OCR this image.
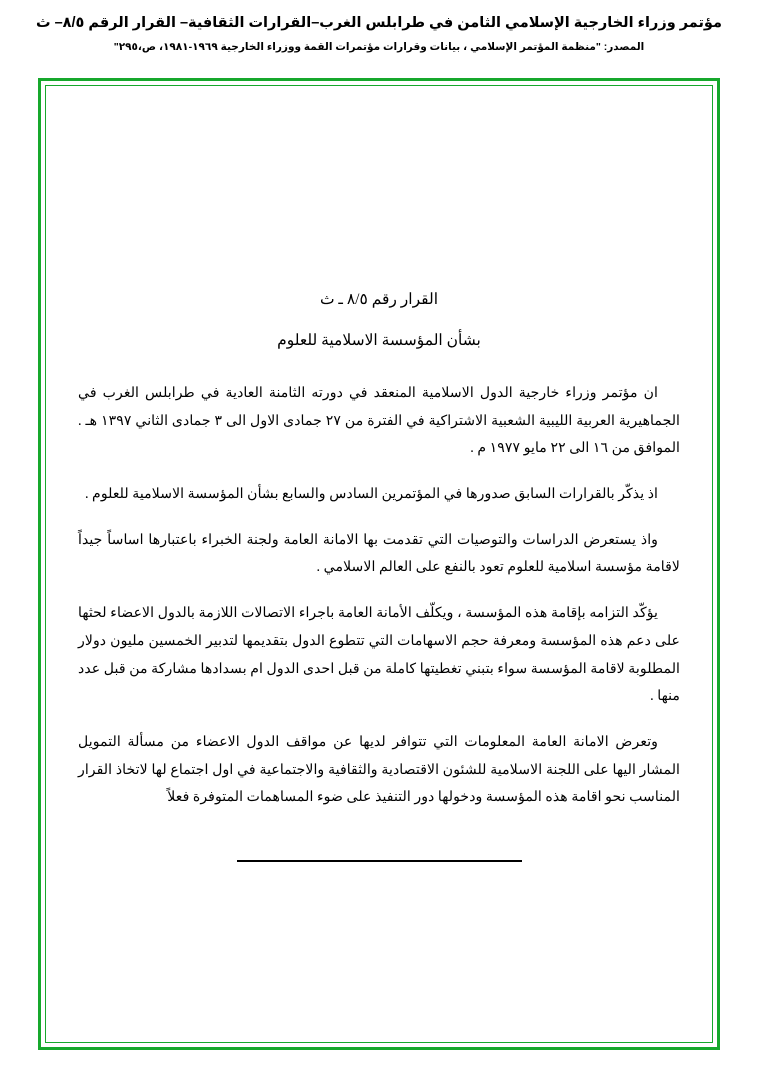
مؤتمر وزراء الخارجية الإسلامي الثامن في طرابلس الغرب–القرارات الثقافية– القرار الرقم ٨/٥– ث
المصدر: "منظمة المؤتمر الإسلامي ، بيانات وقرارات مؤتمرات القمة ووزراء الخارجية ١٩٦٩-١٩٨١، ص،٢٩٥"
القرار رقم ٨/٥ ـ ث
بشأن المؤسسة الاسلامية للعلوم

ان مؤتمر وزراء خارجية الدول الاسلامية المنعقد في دورته الثامنة العادية في طرابلس الغرب في الجماهيرية العربية الليبية الشعبية الاشتراكية في الفترة من ٢٧ جمادى الاول الى ٣ جمادى الثاني ١٣٩٧ هـ . الموافق من ١٦ الى ٢٢ مايو ١٩٧٧ م .

اذ يذكّر بالقرارات السابق صدورها في المؤتمرين السادس والسابع بشأن المؤسسة الاسلامية للعلوم .

واذ يستعرض الدراسات والتوصيات التي تقدمت بها الامانة العامة ولجنة الخبراء باعتبارها اساساً جيداً لاقامة مؤسسة اسلامية للعلوم تعود بالنفع على العالم الاسلامي .

يؤكّد التزامه بإقامة هذه المؤسسة ، ويكلّف الأمانة العامة باجراء الاتصالات اللازمة بالدول الاعضاء لحثها على دعم هذه المؤسسة ومعرفة حجم الاسهامات التي تتطوع الدول بتقديمها لتدبير الخمسين مليون دولار المطلوبة لاقامة المؤسسة سواء بتبني تغطيتها كاملة من قبل احدى الدول ام بسدادها مشاركة من قبل عدد منها .

وتعرض الامانة العامة المعلومات التي تتوافر لديها عن مواقف الدول الاعضاء من مسألة التمويل المشار اليها على اللجنة الاسلامية للشئون الاقتصادية والثقافية والاجتماعية في اول اجتماع لها لاتخاذ القرار المناسب نحو اقامة هذه المؤسسة ودخولها دور التنفيذ على ضوء المساهمات المتوفرة فعلاً
